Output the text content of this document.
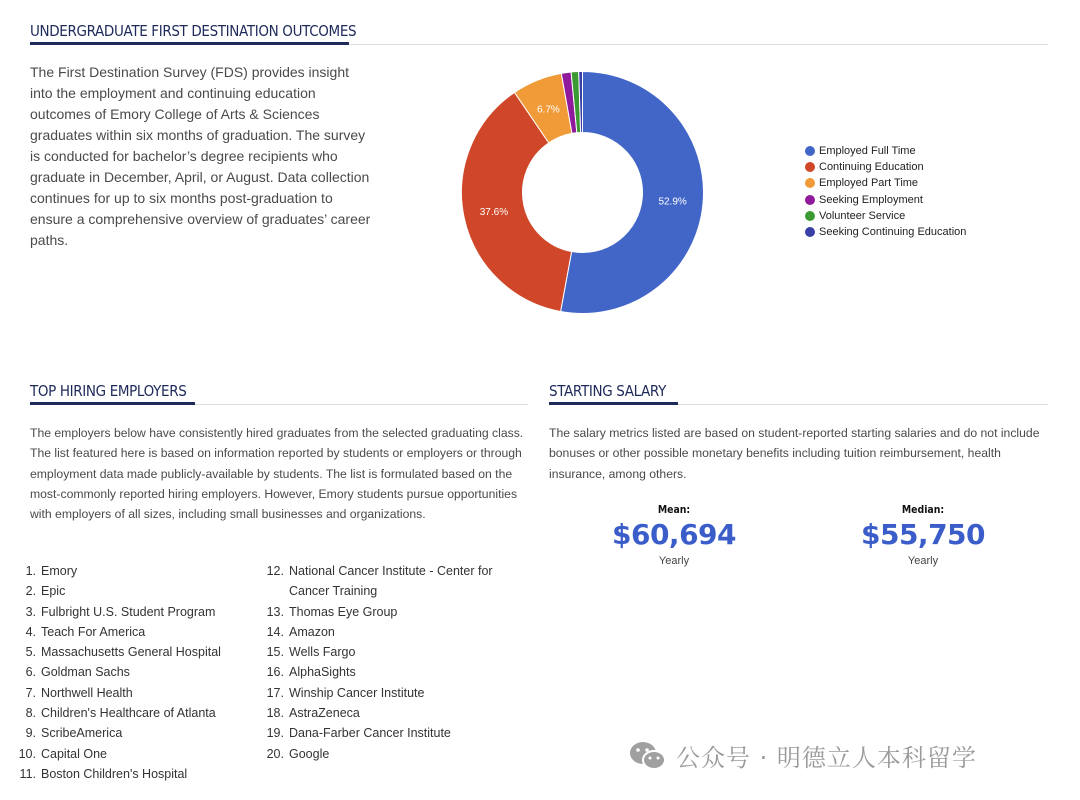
UNDERGRADUATE FIRST DESTINATION OUTCOMES

The First Destination Survey (FDS) provides insight into the employment and continuing education outcomes of Emory College of Arts & Sciences graduates within six months of graduation. The survey is conducted for bachelor’s degree recipients who graduate in December, April, or August. Data collection continues for up to six months post-graduation to ensure a comprehensive overview of graduates’ career paths.

52.9%
37.6%
6.7%
Employed Full Time
Continuing Education
Employed Part Time
Seeking Employment
Volunteer Service
Seeking Continuing Education
TOP HIRING EMPLOYERS

The employers below have consistently hired graduates from the selected graduating class. The list featured here is based on information reported by students or employers or through employment data made publicly-available by students. The list is formulated based on the most-commonly reported hiring employers. However, Emory students pursue opportunities with employers of all sizes, including small businesses and organizations.

1. Emory
2. Epic
3. Fulbright U.S. Student Program
4. Teach For America
5. Massachusetts General Hospital
6. Goldman Sachs
7. Northwell Health
8. Children's Healthcare of Atlanta
9. ScribeAmerica
10. Capital One
11. Boston Children's Hospital
12. National Cancer Institute - Center for Cancer Training
13. Thomas Eye Group
14. Amazon
15. Wells Fargo
16. AlphaSights
17. Winship Cancer Institute
18. AstraZeneca
19. Dana-Farber Cancer Institute
20. Google
STARTING SALARY

The salary metrics listed are based on student-reported starting salaries and do not include bonuses or other possible monetary benefits including tuition reimbursement, health insurance, among others.

Mean:
$60,694
Yearly
Median:
$55,750
Yearly
公众号 · 明德立人本科留学
